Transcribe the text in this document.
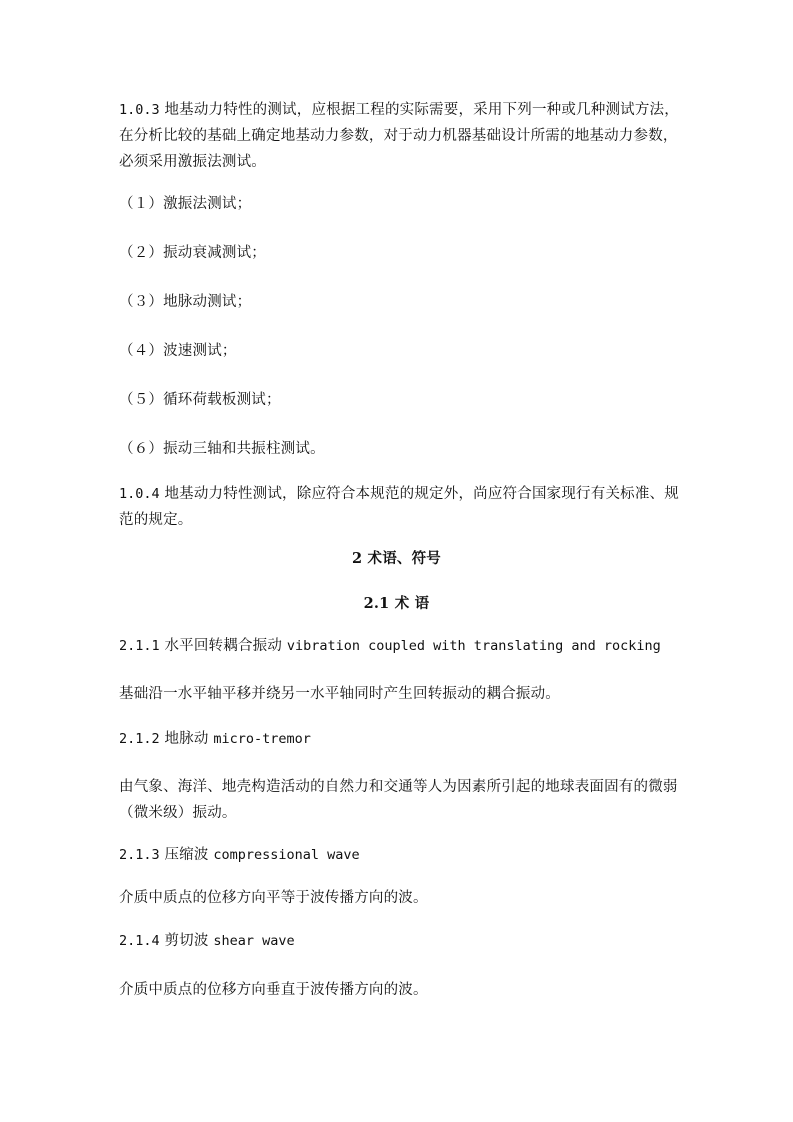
1.0.3 地基动力特性的测试，应根据工程的实际需要，采用下列一种或几种测试方法，在分析比较的基础上确定地基动力参数，对于动力机器基础设计所需的地基动力参数，必须采用激振法测试。

（１）激振法测试；

（２）振动衰减测试；

（３）地脉动测试；

（４）波速测试；

（５）循环荷载板测试；

（６）振动三轴和共振柱测试。

1.0.4 地基动力特性测试，除应符合本规范的规定外，尚应符合国家现行有关标准、规范的规定。

2 术语、符号
2.1 术 语

2.1.1 水平回转耦合振动 vibration coupled with translating and rocking

基础沿一水平轴平移并绕另一水平轴同时产生回转振动的耦合振动。

2.1.2 地脉动 micro-tremor

由气象、海洋、地壳构造活动的自然力和交通等人为因素所引起的地球表面固有的微弱（微米级）振动。

2.1.3 压缩波 compressional wave

介质中质点的位移方向平等于波传播方向的波。

2.1.4 剪切波 shear wave

介质中质点的位移方向垂直于波传播方向的波。
